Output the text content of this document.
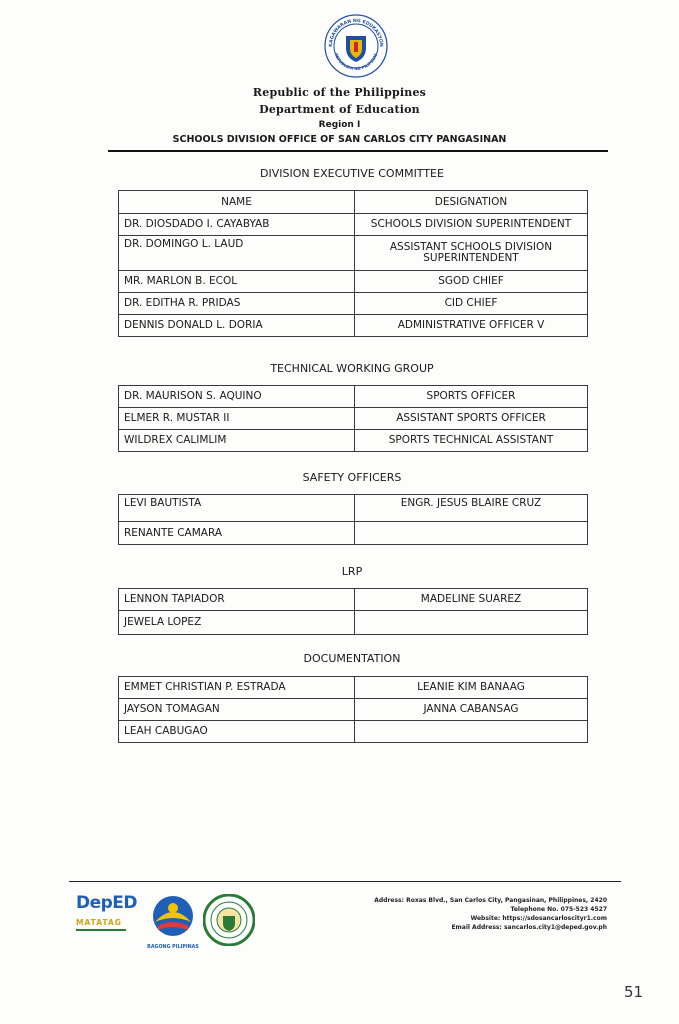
Republic of the Philippines
Department of Education
Region I
SCHOOLS DIVISION OFFICE OF SAN CARLOS CITY PANGASINAN
KAGAWARAN NG EDUKASYON
REPUBLIKA NG PILIPINAS
DIVISION EXECUTIVE COMMITTEE
NAME	DESIGNATION
DR. DIOSDADO I. CAYABYAB	SCHOOLS DIVISION SUPERINTENDENT
DR. DOMINGO L. LAUD	ASSISTANT SCHOOLS DIVISION SUPERINTENDENT
MR. MARLON B. ECOL	SGOD CHIEF
DR. EDITHA R. PRIDAS	CID CHIEF
DENNIS DONALD L. DORIA	ADMINISTRATIVE OFFICER V
TECHNICAL WORKING GROUP
DR. MAURISON S. AQUINO	SPORTS OFFICER
ELMER R. MUSTAR II	ASSISTANT SPORTS OFFICER
WILDREX CALIMLIM	SPORTS TECHNICAL ASSISTANT
SAFETY OFFICERS
LEVI BAUTISTA	ENGR. JESUS BLAIRE CRUZ
RENANTE CAMARA	
LRP
LENNON TAPIADOR	MADELINE SUAREZ
JEWELA LOPEZ	
DOCUMENTATION
EMMET CHRISTIAN P. ESTRADA	LEANIE KIM BANAAG
JAYSON TOMAGAN	JANNA CABANSAG
LEAH CABUGAO	
DepED
MATATAG
BAGONG PILIPINAS
Address: Roxas Blvd., San Carlos City, Pangasinan, Philippines, 2420
Telephone No. 075-523 4527
Website: https://sdosancarloscityr1.com
Email Address: sancarlos.city1@deped.gov.ph
51
